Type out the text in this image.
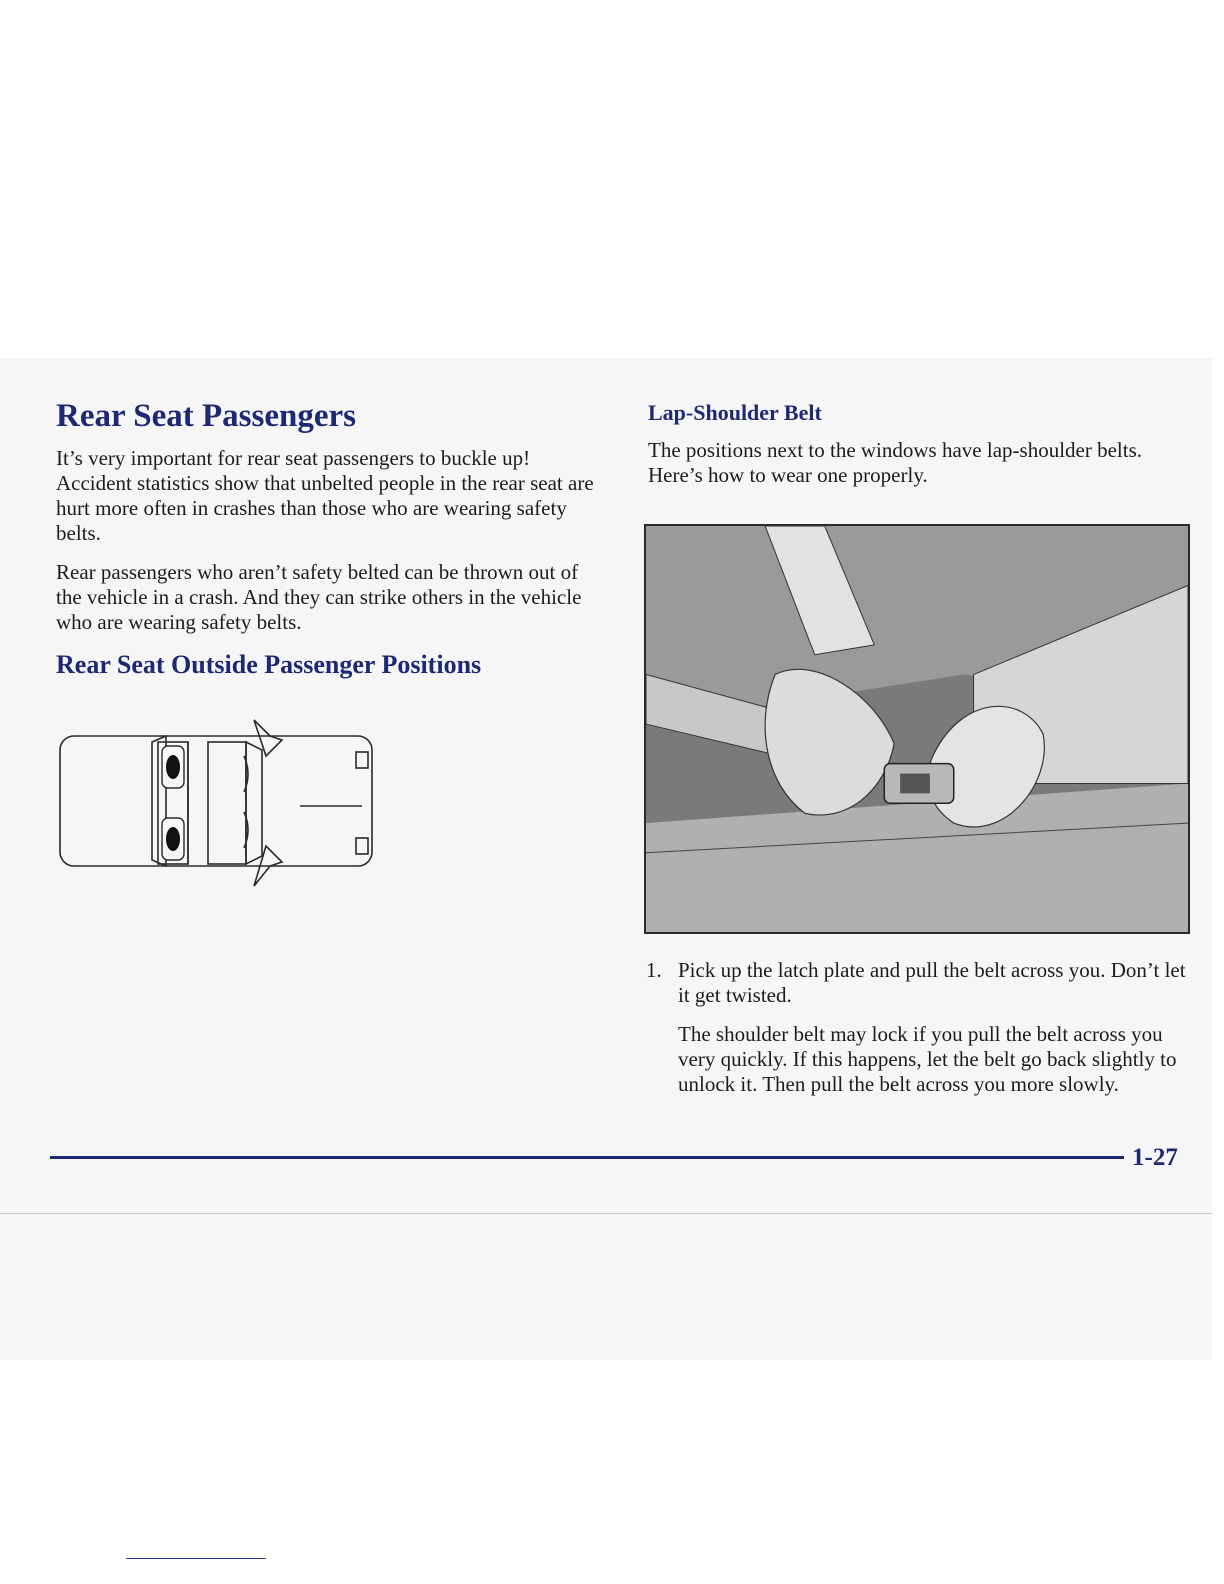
Rear Seat Passengers

It’s very important for rear seat passengers to buckle up! Accident statistics show that unbelted people in the rear seat are hurt more often in crashes than those who are wearing safety belts.

Rear passengers who aren’t safety belted can be thrown out of the vehicle in a crash. And they can strike others in the vehicle who are wearing safety belts.

Rear Seat Outside Passenger Positions
Lap-Shoulder Belt

The positions next to the windows have lap-shoulder belts. Here’s how to wear one properly.

1. Pick up the latch plate and pull the belt across you. Don’t let it get twisted.

The shoulder belt may lock if you pull the belt across you very quickly. If this happens, let the belt go back slightly to unlock it. Then pull the belt across you more slowly.

1-27
